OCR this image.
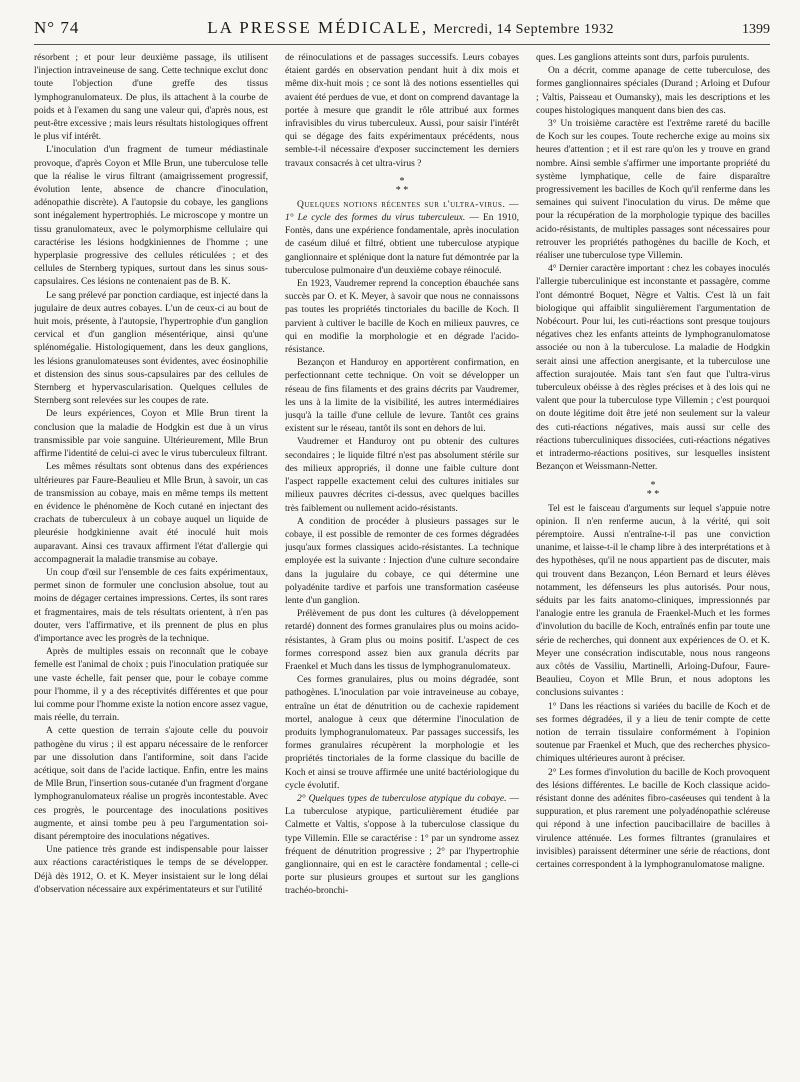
N° 74	LA PRESSE MÉDICALE, Mercredi, 14 Septembre 1932	1399

résorbent ; et pour leur deuxième passage, ils utilisent l'injection intraveineuse de sang. Cette technique exclut donc toute l'objection d'une greffe des tissus lymphogranulomateux. De plus, ils attachent à la courbe de poids et à l'examen du sang une valeur qui, d'après nous, est peut-être excessive ; mais leurs résultats histologiques offrent le plus vif intérêt.

L'inoculation d'un fragment de tumeur médiastinale provoque, d'après Coyon et Mlle Brun, une tuberculose telle que la réalise le virus filtrant (amaigrissement progressif, évolution lente, absence de chancre d'inoculation, adénopathie discrète). A l'autopsie du cobaye, les ganglions sont inégalement hypertrophiés. Le microscope y montre un tissu granulomateux, avec le polymorphisme cellulaire qui caractérise les lésions hodgkiniennes de l'homme ; une hyperplasie progressive des cellules réticulées ; et des cellules de Sternberg typiques, surtout dans les sinus sous-capsulaires. Ces lésions ne contenaient pas de B. K.

Le sang prélevé par ponction cardiaque, est injecté dans la jugulaire de deux autres cobayes. L'un de ceux-ci au bout de huit mois, présente, à l'autopsie, l'hypertrophie d'un ganglion cervical et d'un ganglion mésentérique, ainsi qu'une splénomégalie. Histologiquement, dans les deux ganglions, les lésions granulomateuses sont évidentes, avec éosinophilie et distension des sinus sous-capsulaires par des cellules de Sternberg et hypervascularisation. Quelques cellules de Sternberg sont relevées sur les coupes de rate.

De leurs expériences, Coyon et Mlle Brun tirent la conclusion que la maladie de Hodgkin est due à un virus transmissible par voie sanguine. Ultérieurement, Mlle Brun affirme l'identité de celui-ci avec le virus tuberculeux filtrant.

Les mêmes résultats sont obtenus dans des expériences ultérieures par Faure-Beaulieu et Mlle Brun, à savoir, un cas de transmission au cobaye, mais en même temps ils mettent en évidence le phénomène de Koch cutané en injectant des crachats de tuberculeux à un cobaye auquel un liquide de pleurésie hodgkinienne avait été inoculé huit mois auparavant. Ainsi ces travaux affirment l'état d'allergie qui accompagnerait la maladie transmise au cobaye.

Un coup d'œil sur l'ensemble de ces faits expérimentaux, permet sinon de formuler une conclusion absolue, tout au moins de dégager certaines impressions. Certes, ils sont rares et fragmentaires, mais de tels résultats orientent, à n'en pas douter, vers l'affirmative, et ils prennent de plus en plus d'importance avec les progrès de la technique.

Après de multiples essais on reconnaît que le cobaye femelle est l'animal de choix ; puis l'inoculation pratiquée sur une vaste échelle, fait penser que, pour le cobaye comme pour l'homme, il y a des réceptivités différentes et que pour lui comme pour l'homme existe la notion encore assez vague, mais réelle, du terrain.

A cette question de terrain s'ajoute celle du pouvoir pathogène du virus ; il est apparu nécessaire de le renforcer par une dissolution dans l'antiformine, soit dans l'acide acétique, soit dans de l'acide lactique. Enfin, entre les mains de Mlle Brun, l'insertion sous-cutanée d'un fragment d'organe lymphogranulomateux réalise un progrès incontestable. Avec ces progrès, le pourcentage des inoculations positives augmente, et ainsi tombe peu à peu l'argumentation soi-disant péremptoire des inoculations négatives.

Une patience très grande est indispensable pour laisser aux réactions caractéristiques le temps de se développer. Déjà dès 1912, O. et K. Meyer insistaient sur le long délai d'observation nécessaire aux expérimentateurs et sur l'utilité

de réinoculations et de passages successifs. Leurs cobayes étaient gardés en observation pendant huit à dix mois et même dix-huit mois ; ce sont là des notions essentielles qui avaient été perdues de vue, et dont on comprend davantage la portée à mesure que grandit le rôle attribué aux formes infravisibles du virus tuberculeux. Aussi, pour saisir l'intérêt qui se dégage des faits expérimentaux précédents, nous semble-t-il nécessaire d'exposer succinctement les derniers travaux consacrés à cet ultra-virus ?

*
* *

Quelques notions récentes sur l'ultra-virus. — 1° Le cycle des formes du virus tuberculeux. — En 1910, Fontès, dans une expérience fondamentale, après inoculation de caséum dilué et filtré, obtient une tuberculose atypique ganglionnaire et splénique dont la nature fut démontrée par la tuberculose pulmonaire d'un deuxième cobaye réinoculé.

En 1923, Vaudremer reprend la conception ébauchée sans succès par O. et K. Meyer, à savoir que nous ne connaissons pas toutes les propriétés tinctoriales du bacille de Koch. Il parvient à cultiver le bacille de Koch en milieux pauvres, ce qui en modifie la morphologie et en dégrade l'acido-résistance.

Bezançon et Handuroy en apportèrent confirmation, en perfectionnant cette technique. On voit se développer un réseau de fins filaments et des grains décrits par Vaudremer, les uns à la limite de la visibilité, les autres intermédiaires jusqu'à la taille d'une cellule de levure. Tantôt ces grains existent sur le réseau, tantôt ils sont en dehors de lui.

Vaudremer et Handuroy ont pu obtenir des cultures secondaires ; le liquide filtré n'est pas absolument stérile sur des milieux appropriés, il donne une faible culture dont l'aspect rappelle exactement celui des cultures initiales sur milieux pauvres décrites ci-dessus, avec quelques bacilles très faiblement ou nullement acido-résistants.

A condition de procéder à plusieurs passages sur le cobaye, il est possible de remonter de ces formes dégradées jusqu'aux formes classiques acido-résistantes. La technique employée est la suivante : Injection d'une culture secondaire dans la jugulaire du cobaye, ce qui détermine une polyadénite tardive et parfois une transformation caséeuse lente d'un ganglion.

Prélèvement de pus dont les cultures (à développement retardé) donnent des formes granulaires plus ou moins acido-résistantes, à Gram plus ou moins positif. L'aspect de ces formes correspond assez bien aux granula décrits par Fraenkel et Much dans les tissus de lymphogranulomateux.

Ces formes granulaires, plus ou moins dégradée, sont pathogènes. L'inoculation par voie intraveineuse au cobaye, entraîne un état de dénutrition ou de cachexie rapidement mortel, analogue à ceux que détermine l'inoculation de produits lymphogranulomateux. Par passages successifs, les formes granulaires récupèrent la morphologie et les propriétés tinctoriales de la forme classique du bacille de Koch et ainsi se trouve affirmée une unité bactériologique du cycle évolutif.

2° Quelques types de tuberculose atypique du cobaye. — La tuberculose atypique, particulièrement étudiée par Calmette et Valtis, s'oppose à la tuberculose classique du type Villemin. Elle se caractérise : 1° par un syndrome assez fréquent de dénutrition progressive ; 2° par l'hypertrophie ganglionnaire, qui en est le caractère fondamental ; celle-ci porte sur plusieurs groupes et surtout sur les ganglions trachéo-bronchi-

ques. Les ganglions atteints sont durs, parfois purulents.

On a décrit, comme apanage de cette tuberculose, des formes ganglionnaires spéciales (Durand ; Arloing et Dufour ; Valtis, Paisseau et Oumansky), mais les descriptions et les coupes histologiques manquent dans bien des cas.

3° Un troisième caractère est l'extrême rareté du bacille de Koch sur les coupes. Toute recherche exige au moins six heures d'attention ; et il est rare qu'on les y trouve en grand nombre. Ainsi semble s'affirmer une importante propriété du système lymphatique, celle de faire disparaître progressivement les bacilles de Koch qu'il renferme dans les semaines qui suivent l'inoculation du virus. De même que pour la récupération de la morphologie typique des bacilles acido-résistants, de multiples passages sont nécessaires pour retrouver les propriétés pathogènes du bacille de Koch, et réaliser une tuberculose type Villemin.

4° Dernier caractère important : chez les cobayes inoculés l'allergie tuberculinique est inconstante et passagère, comme l'ont démontré Boquet, Nègre et Valtis. C'est là un fait biologique qui affaiblit singulièrement l'argumentation de Nobécourt. Pour lui, les cuti-réactions sont presque toujours négatives chez les enfants atteints de lymphogranulomatose associée ou non à la tuberculose. La maladie de Hodgkin serait ainsi une affection anergisante, et la tuberculose une affection surajoutée. Mais tant s'en faut que l'ultra-virus tuberculeux obéisse à des règles précises et à des lois qui ne valent que pour la tuberculose type Villemin ; c'est pourquoi on doute légitime doit être jeté non seulement sur la valeur des cuti-réactions négatives, mais aussi sur celle des réactions tuberculiniques dissociées, cuti-réactions négatives et intradermo-réactions positives, sur lesquelles insistent Bezançon et Weissmann-Netter.

*
* *

Tel est le faisceau d'arguments sur lequel s'appuie notre opinion. Il n'en renferme aucun, à la vérité, qui soit péremptoire. Aussi n'entraîne-t-il pas une conviction unanime, et laisse-t-il le champ libre à des interprétations et à des hypothèses, qu'il ne nous appartient pas de discuter, mais qui trouvent dans Bezançon, Léon Bernard et leurs élèves notamment, les défenseurs les plus autorisés. Pour nous, séduits par les faits anatomo-cliniques, impressionnés par l'analogie entre les granula de Fraenkel-Much et les formes d'involution du bacille de Koch, entraînés enfin par toute une série de recherches, qui donnent aux expériences de O. et K. Meyer une consécration indiscutable, nous nous rangeons aux côtés de Vassiliu, Martinelli, Arloing-Dufour, Faure-Beaulieu, Coyon et Mlle Brun, et nous adoptons les conclusions suivantes :

1° Dans les réactions si variées du bacille de Koch et de ses formes dégradées, il y a lieu de tenir compte de cette notion de terrain tissulaire conformément à l'opinion soutenue par Fraenkel et Much, que des recherches physico-chimiques ultérieures auront à préciser.

2° Les formes d'involution du bacille de Koch provoquent des lésions différentes. Le bacille de Koch classique acido-résistant donne des adénites fibro-caséeuses qui tendent à la suppuration, et plus rarement une polyadénopathie scléreuse qui répond à une infection paucibacillaire de bacilles à virulence atténuée. Les formes filtrantes (granulaires et invisibles) paraissent déterminer une série de réactions, dont certaines correspondent à la lymphogranulomatose maligne.
